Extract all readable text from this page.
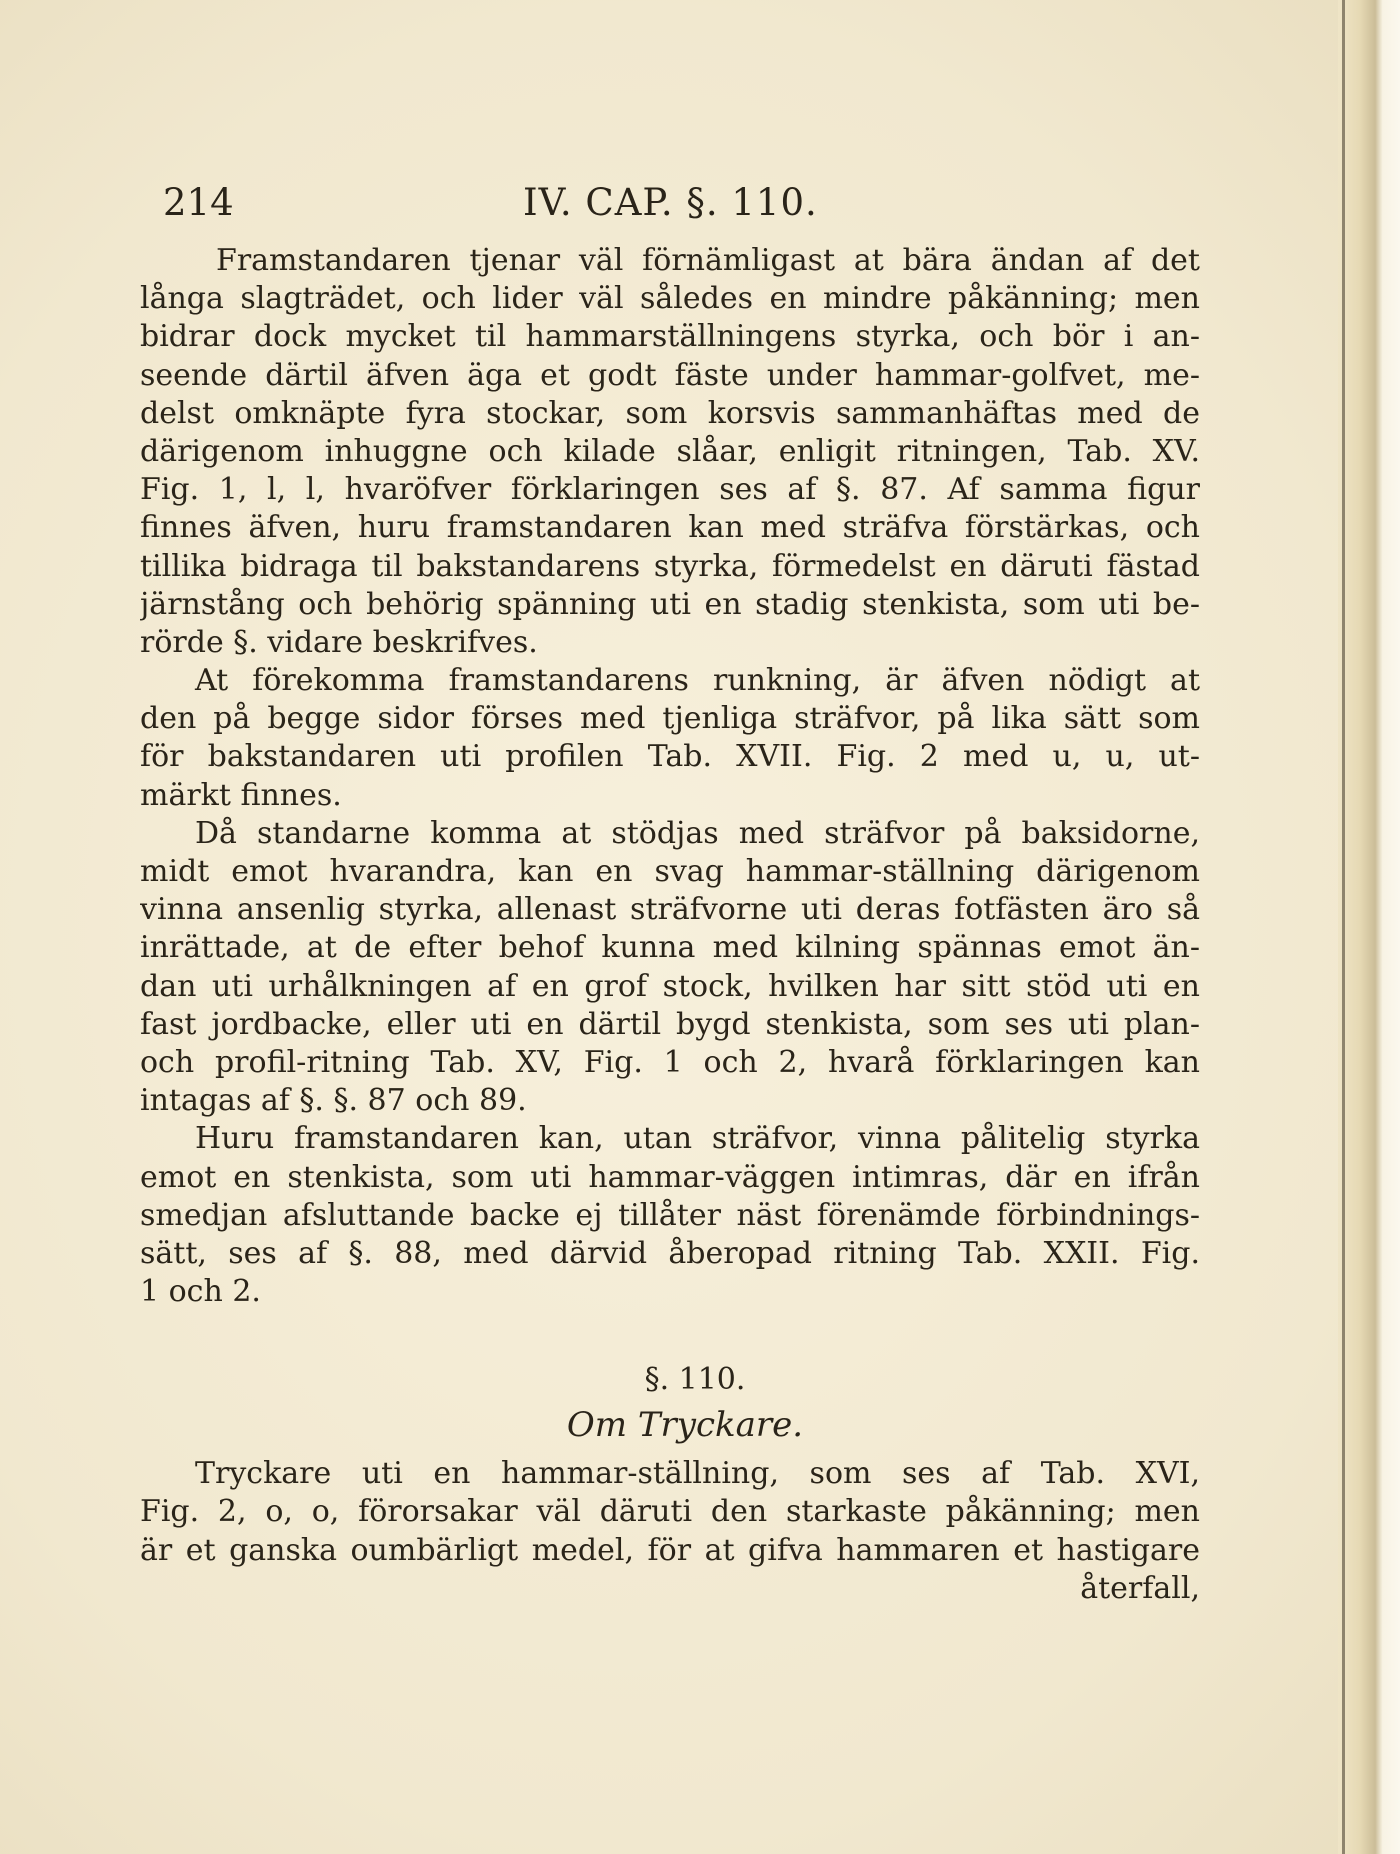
214	IV. CAP. §. 110.
Framstandaren tjenar väl förnämligast at bära ändan af det
långa slagträdet, och lider väl således en mindre påkänning; men
bidrar dock mycket til hammarställningens styrka, och bör i an-
seende därtil äfven äga et godt fäste under hammar-golfvet, me-
delst omknäpte fyra stockar, som korsvis sammanhäftas med de
därigenom inhuggne och kilade slåar, enligit ritningen, Tab. XV.
Fig. 1, l, l, hvaröfver förklaringen ses af §. 87. Af samma figur
finnes äfven, huru framstandaren kan med sträfva förstärkas, och
tillika bidraga til bakstandarens styrka, förmedelst en däruti fästad
järnstång och behörig spänning uti en stadig stenkista, som uti be-
rörde §. vidare beskrifves.
At förekomma framstandarens runkning, är äfven nödigt at
den på begge sidor förses med tjenliga sträfvor, på lika sätt som
för bakstandaren uti profilen Tab. XVII. Fig. 2 med u, u, ut-
märkt finnes.
Då standarne komma at stödjas med sträfvor på baksidorne,
midt emot hvarandra, kan en svag hammar-ställning därigenom
vinna ansenlig styrka, allenast sträfvorne uti deras fotfästen äro så
inrättade, at de efter behof kunna med kilning spännas emot än-
dan uti urhålkningen af en grof stock, hvilken har sitt stöd uti en
fast jordbacke, eller uti en därtil bygd stenkista, som ses uti plan-
och profil-ritning Tab. XV, Fig. 1 och 2, hvarå förklaringen kan
intagas af §. §. 87 och 89.
Huru framstandaren kan, utan sträfvor, vinna pålitelig styrka
emot en stenkista, som uti hammar-väggen intimras, där en ifrån
smedjan afsluttande backe ej tillåter näst förenämde förbindnings-
sätt, ses af §. 88, med därvid åberopad ritning Tab. XXII. Fig.
1 och 2.
§. 110.
Om Tryckare.
Tryckare uti en hammar-ställning, som ses af Tab. XVI,
Fig. 2, o, o, förorsakar väl däruti den starkaste påkänning; men
är et ganska oumbärligt medel, för at gifva hammaren et hastigare
återfall,
